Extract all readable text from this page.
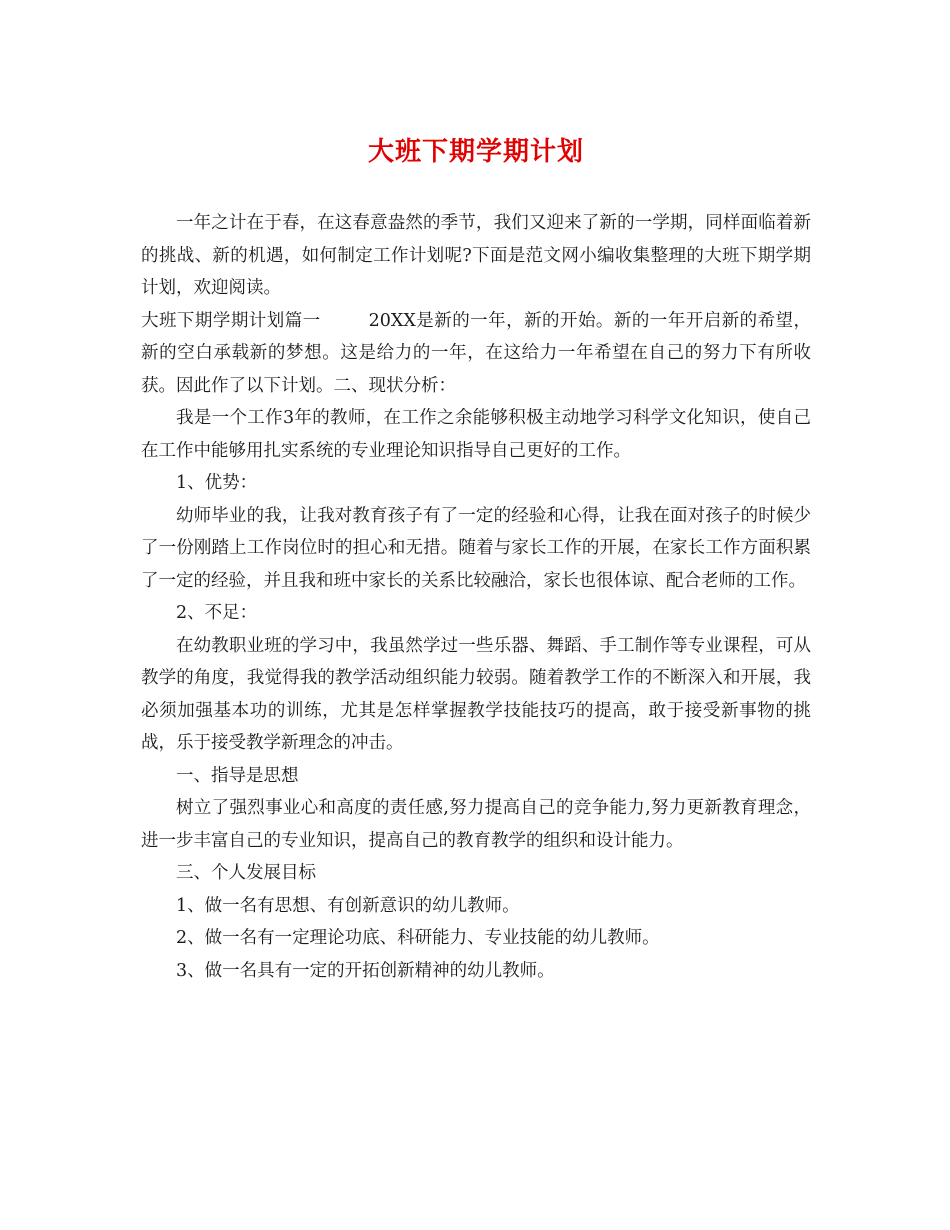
大班下期学期计划

一年之计在于春，在这春意盎然的季节，我们又迎来了新的一学期，同样面临着新的挑战、新的机遇，如何制定工作计划呢?下面是范文网小编收集整理的大班下期学期计划，欢迎阅读。

大班下期学期计划篇一	20XX是新的一年，新的开始。新的一年开启新的希望，新的空白承载新的梦想。这是给力的一年，在这给力一年希望在自己的努力下有所收获。因此作了以下计划。二、现状分析：

我是一个工作3年的教师，在工作之余能够积极主动地学习科学文化知识，使自己在工作中能够用扎实系统的专业理论知识指导自己更好的工作。

1、优势：

幼师毕业的我，让我对教育孩子有了一定的经验和心得，让我在面对孩子的时候少了一份刚踏上工作岗位时的担心和无措。随着与家长工作的开展，在家长工作方面积累了一定的经验，并且我和班中家长的关系比较融洽，家长也很体谅、配合老师的工作。

2、不足：

在幼教职业班的学习中，我虽然学过一些乐器、舞蹈、手工制作等专业课程，可从教学的角度，我觉得我的教学活动组织能力较弱。随着教学工作的不断深入和开展，我必须加强基本功的训练，尤其是怎样掌握教学技能技巧的提高，敢于接受新事物的挑战，乐于接受教学新理念的冲击。

一、指导是思想

树立了强烈事业心和高度的责任感,努力提高自己的竞争能力,努力更新教育理念，进一步丰富自己的专业知识，提高自己的教育教学的组织和设计能力。

三、个人发展目标

1、做一名有思想、有创新意识的幼儿教师。

2、做一名有一定理论功底、科研能力、专业技能的幼儿教师。

3、做一名具有一定的开拓创新精神的幼儿教师。
